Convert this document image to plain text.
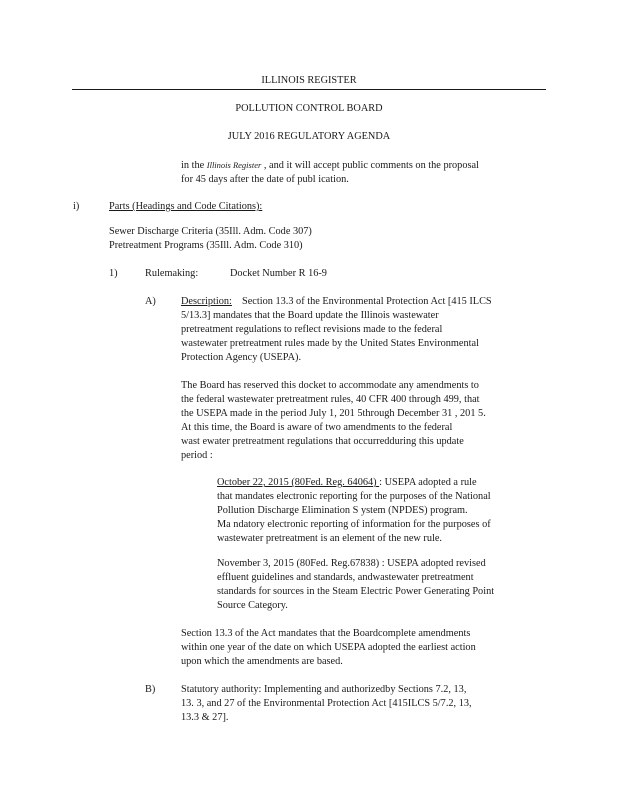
ILLINOIS REGISTER
POLLUTION CONTROL BOARD
JULY 2016 REGULATORY AGENDA
in the Illinois Register , and it will accept public comments on the proposal
for 45 days after the date of publ ication.
i)	Parts (Headings and Code Citations):
Sewer Discharge Criteria (35Ill. Adm. Code 307)
Pretreatment Programs (35Ill. Adm. Code 310)
1)	Rulemaking:	Docket Number R 16-9
A) Description: Section 13.3 of the Environmental Protection Act [415 ILCS
5/13.3] mandates that the Board update the Illinois wastewater
pretreatment regulations to reflect revisions made to the federal
wastewater pretreatment rules made by the United States Environmental
Protection Agency (USEPA).
The Board has reserved this docket to accommodate any amendments to
the federal wastewater pretreatment rules, 40 CFR 400 through 499, that
the USEPA made in the period July 1, 201 5through December 31 , 201 5.
At this time, the Board is aware of two amendments to the federal
wast ewater pretreatment regulations that occurredduring this update
period :
October 22, 2015 (80Fed. Reg. 64064) : USEPA adopted a rule
that mandates electronic reporting for the purposes of the National
Pollution Discharge Elimination S ystem (NPDES) program.
Ma ndatory electronic reporting of information for the purposes of
wastewater pretreatment is an element of the new rule.
November 3, 2015 (80Fed. Reg.67838) : USEPA adopted revised
effluent guidelines and standards, andwastewater pretreatment
standards for sources in the Steam Electric Power Generating Point
Source Category.
Section 13.3 of the Act mandates that the Boardcomplete amendments
within one year of the date on which USEPA adopted the earliest action
upon which the amendments are based.
B) Statutory authority: Implementing and authorizedby Sections 7.2, 13,
13. 3, and 27 of the Environmental Protection Act [415ILCS 5/7.2, 13,
13.3 & 27].
